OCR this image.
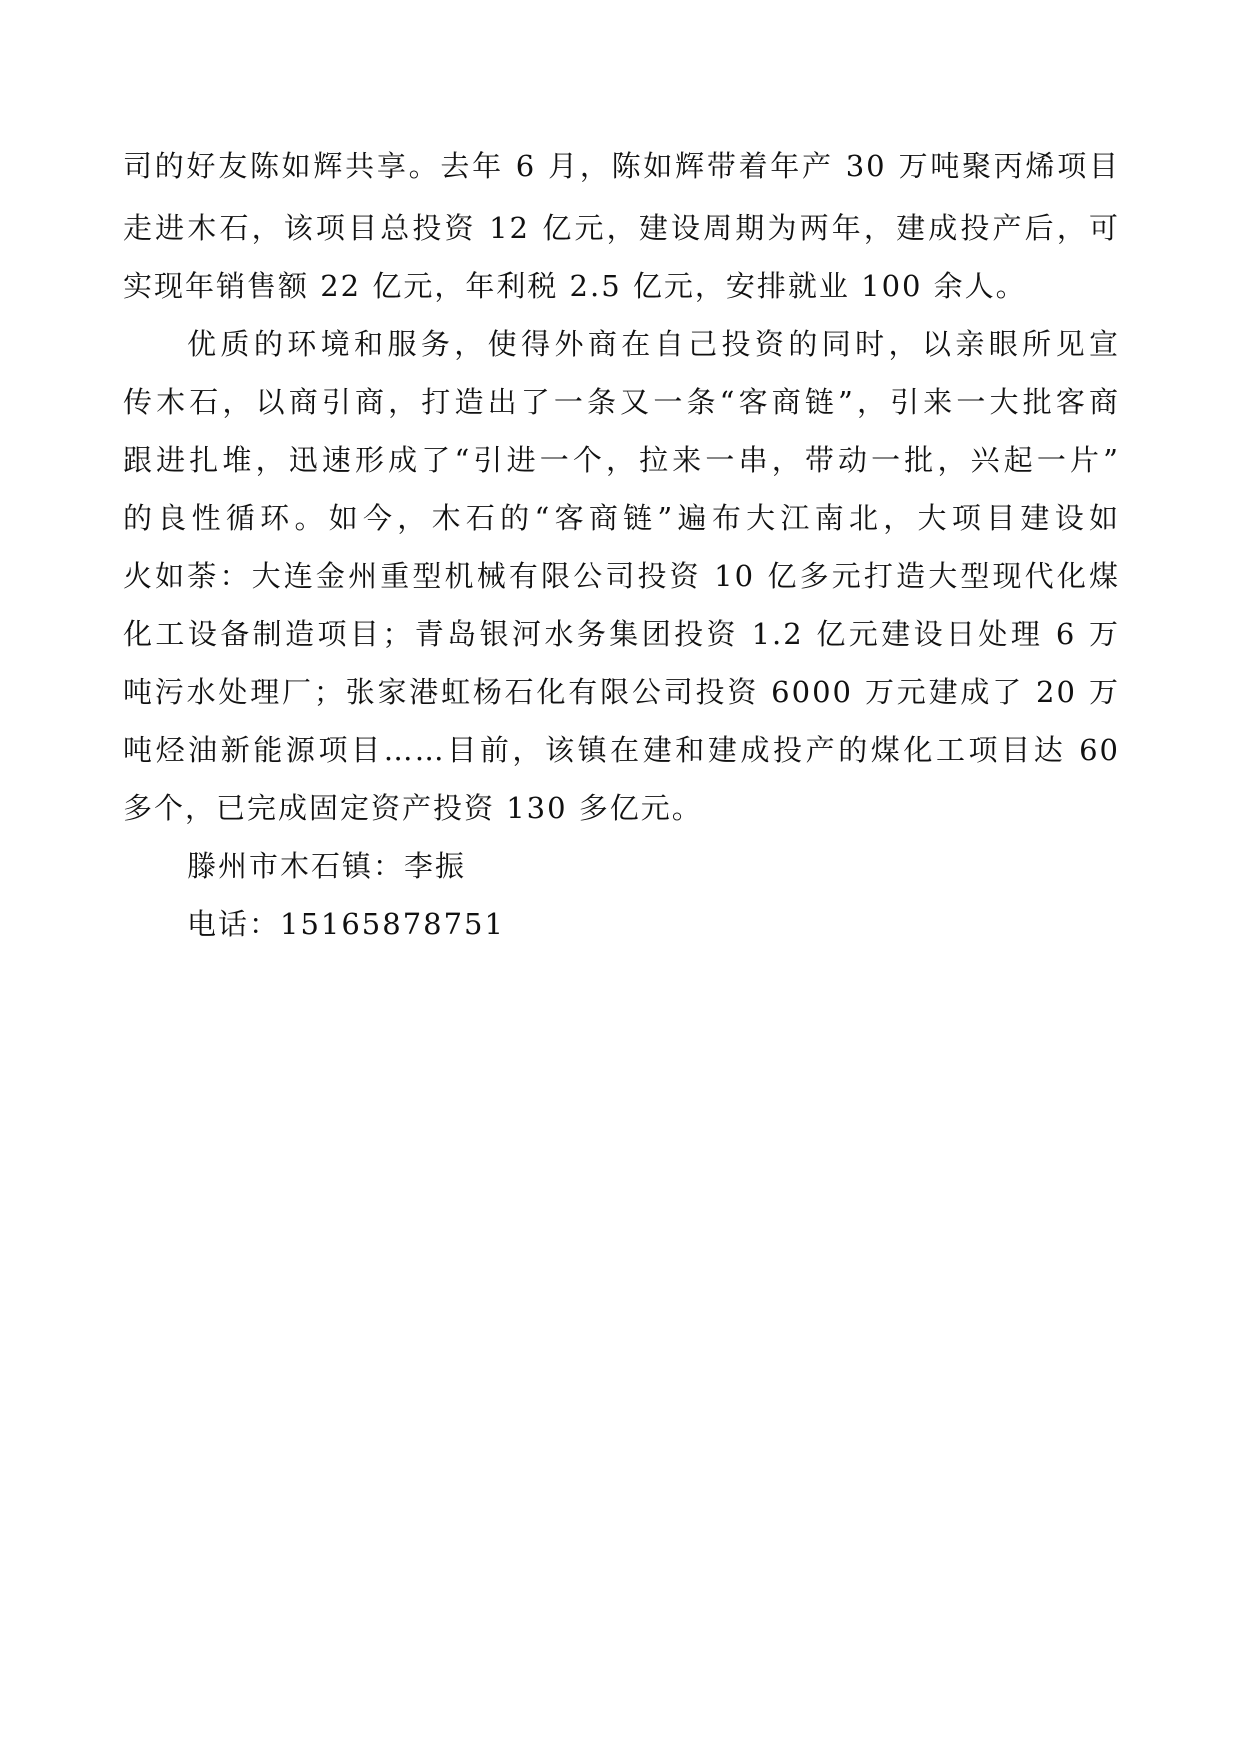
司的好友陈如辉共享。去年 6 月，陈如辉带着年产 30 万吨聚丙烯项目
走进木石，该项目总投资 12 亿元，建设周期为两年，建成投产后，可
实现年销售额 22 亿元，年利税 2.5 亿元，安排就业 100 余人。
优质的环境和服务，使得外商在自己投资的同时，以亲眼所见宣
传木石，以商引商，打造出了一条又一条“客商链”，引来一大批客商
跟进扎堆，迅速形成了“引进一个，拉来一串，带动一批，兴起一片”
的良性循环。如今，木石的“客商链”遍布大江南北，大项目建设如
火如荼：大连金州重型机械有限公司投资 10 亿多元打造大型现代化煤
化工设备制造项目；青岛银河水务集团投资 1.2 亿元建设日处理 6 万
吨污水处理厂；张家港虹杨石化有限公司投资 6000 万元建成了 20 万
吨烃油新能源项目……目前，该镇在建和建成投产的煤化工项目达 60
多个，已完成固定资产投资 130 多亿元。
滕州市木石镇：李振
电话：15165878751
